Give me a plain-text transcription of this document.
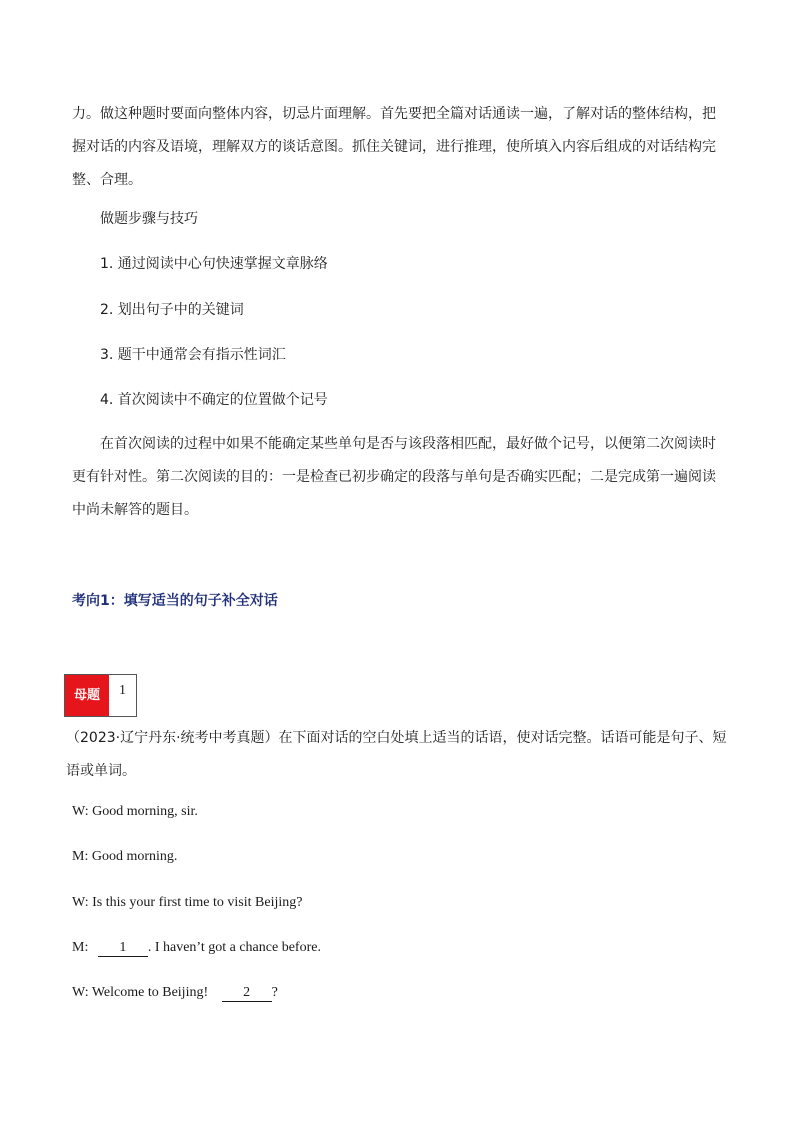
力。做这种题时要面向整体内容，切忌片面理解。首先要把全篇对话通读一遍，了解对话的整体结构，把握对话的内容及语境，理解双方的谈话意图。抓住关键词，进行推理，使所填入内容后组成的对话结构完整、合理。

做题步骤与技巧
1. 通过阅读中心句快速掌握文章脉络
2. 划出句子中的关键词
3. 题干中通常会有指示性词汇
4. 首次阅读中不确定的位置做个记号

在首次阅读的过程中如果不能确定某些单句是否与该段落相匹配，最好做个记号，以便第二次阅读时更有针对性。第二次阅读的目的：一是检查已初步确定的段落与单句是否确实匹配；二是完成第一遍阅读中尚未解答的题目。

考向1：填写适当的句子补全对话
母题	1

（2023·辽宁丹东·统考中考真题）在下面对话的空白处填上适当的话语，使对话完整。话语可能是句子、短语或单词。

W: Good morning, sir.
M: Good morning.
W: Is this your first time to visit Beijing?
M: 1 . I haven’t got a chance before.
W: Welcome to Beijing!	2 ?
